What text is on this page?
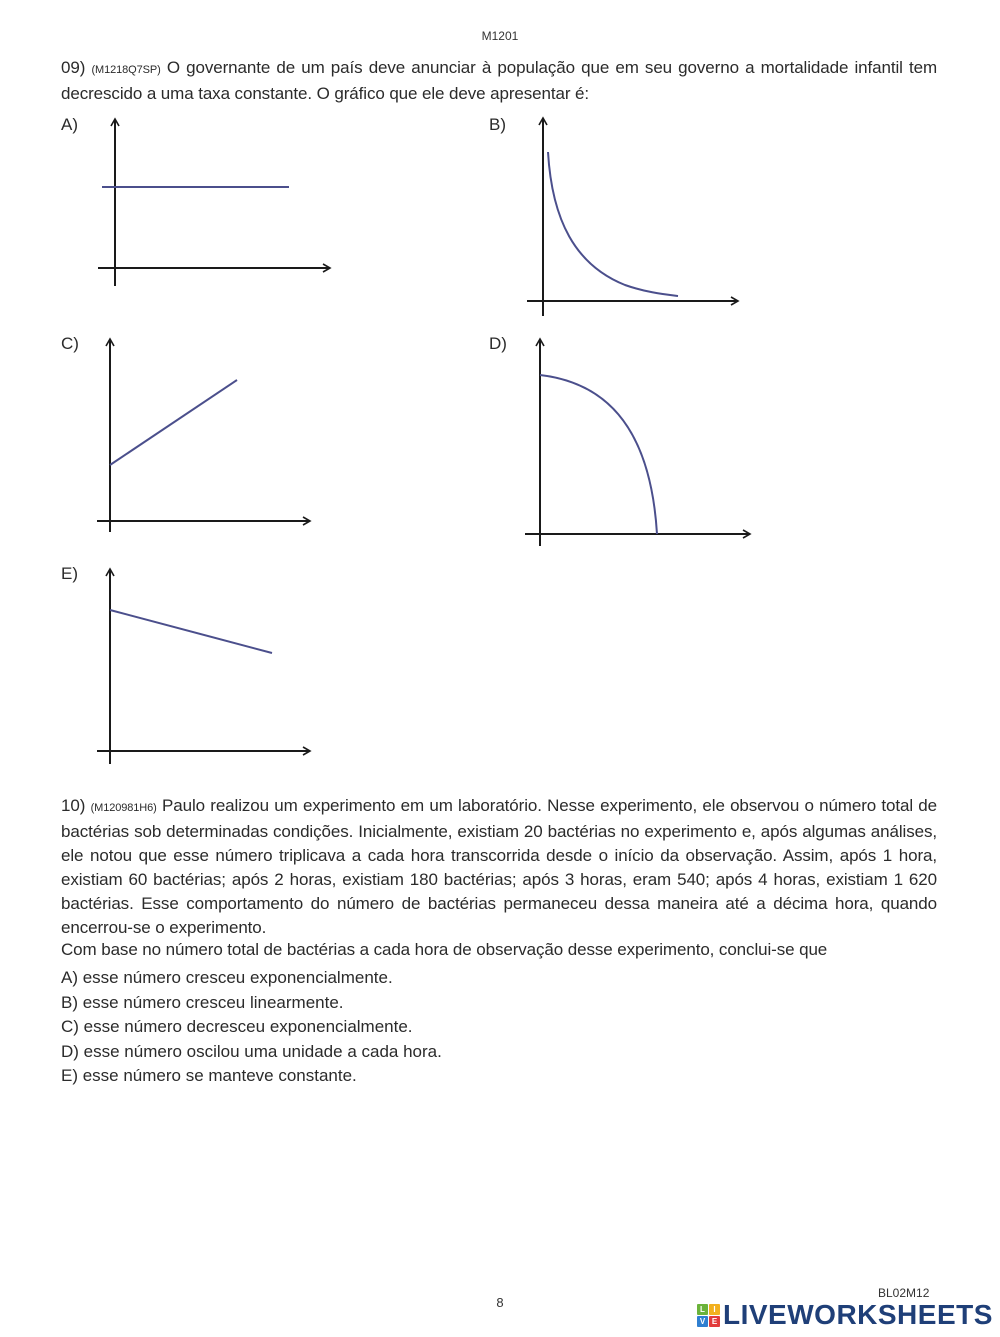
M1201
09) (M1218Q7SP) O governante de um país deve anunciar à população que em seu governo a mortalidade infantil tem decrescido a uma taxa constante. O gráfico que ele deve apresentar é:
A)	B)
C)	D)
E)
10) (M120981H6) Paulo realizou um experimento em um laboratório. Nesse experimento, ele observou o número total de bactérias sob determinadas condições. Inicialmente, existiam 20 bactérias no experimento e, após algumas análises, ele notou que esse número triplicava a cada hora transcorrida desde o início da observação. Assim, após 1 hora, existiam 60 bactérias; após 2 horas, existiam 180 bactérias; após 3 horas, eram 540; após 4 horas, existiam 1 620 bactérias. Esse comportamento do número de bactérias permaneceu dessa maneira até a décima hora, quando encerrou-se o experimento.
Com base no número total de bactérias a cada hora de observação desse experimento, conclui-se que
A) esse número cresceu exponencialmente.
B) esse número cresceu linearmente.
C) esse número decresceu exponencialmente.
D) esse número oscilou uma unidade a cada hora.
E) esse número se manteve constante.
8
BL02M12
L	I
V E LIVEWORKSHEETS
